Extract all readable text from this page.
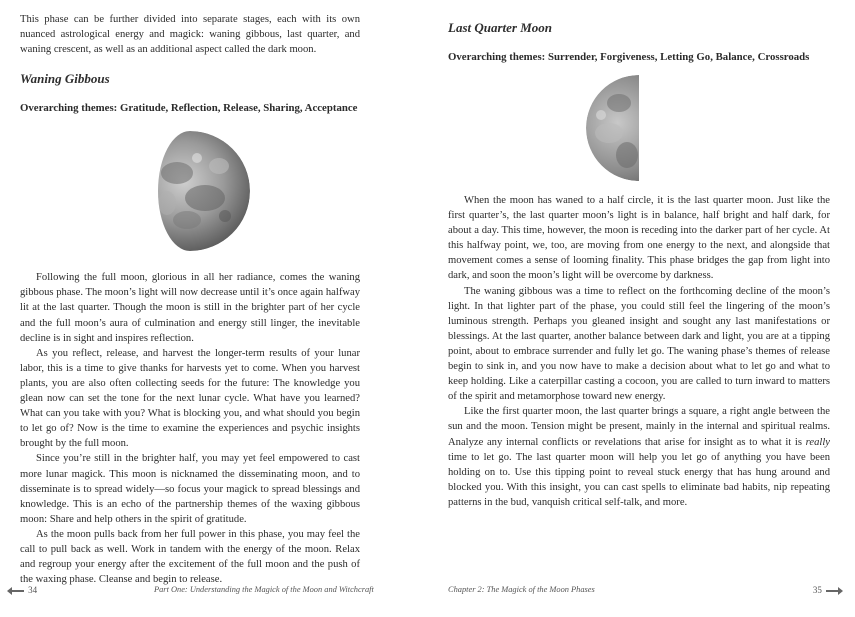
This phase can be further divided into separate stages, each with its own nuanced astrological energy and magick: waning gibbous, last quarter, and waning crescent, as well as an additional aspect called the dark moon.

Waning Gibbous

Overarching themes: Gratitude, Reflection, Release, Sharing, Acceptance

Following the full moon, glorious in all her radiance, comes the waning gibbous phase. The moon’s light will now decrease until it’s once again halfway lit at the last quarter. Though the moon is still in the brighter part of her cycle and the full moon’s aura of culmination and energy still linger, the inevitable decline is in sight and inspires reflection.

As you reflect, release, and harvest the longer-term results of your lunar labor, this is a time to give thanks for harvests yet to come. When you harvest plants, you are also often collecting seeds for the future: The knowledge you glean now can set the tone for the next lunar cycle. What have you learned? What can you take with you? What is blocking you, and what should you begin to let go of? Now is the time to examine the experiences and psychic insights brought by the full moon.

Since you’re still in the brighter half, you may yet feel empowered to cast more lunar magick. This moon is nicknamed the disseminating moon, and to disseminate is to spread widely—so focus your magick to spread blessings and knowledge. This is an echo of the partnership themes of the waxing gibbous moon: Share and help others in the spirit of gratitude.

As the moon pulls back from her full power in this phase, you may feel the call to pull back as well. Work in tandem with the energy of the moon. Relax and regroup your energy after the excitement of the full moon and the push of the waxing phase. Cleanse and begin to release.

34	Part One: Understanding the Magick of the Moon and Witchcraft
Last Quarter Moon

Overarching themes: Surrender, Forgiveness, Letting Go, Balance, Crossroads

When the moon has waned to a half circle, it is the last quarter moon. Just like the first quarter’s, the last quarter moon’s light is in balance, half bright and half dark, for about a day. This time, however, the moon is receding into the darker part of her cycle. At this halfway point, we, too, are moving from one energy to the next, and alongside that movement comes a sense of looming finality. This phase bridges the gap from light into dark, and soon the moon’s light will be overcome by darkness.

The waning gibbous was a time to reflect on the forthcoming decline of the moon’s light. In that lighter part of the phase, you could still feel the lingering of the moon’s luminous strength. Perhaps you gleaned insight and sought any last manifestations or blessings. At the last quarter, another balance between dark and light, you are at a tipping point, about to embrace surrender and fully let go. The waning phase’s themes of release begin to sink in, and you now have to make a decision about what to let go and what to keep holding. Like a caterpillar casting a cocoon, you are called to turn inward to matters of the spirit and metamorphose toward new energy.

Like the first quarter moon, the last quarter brings a square, a right angle between the sun and the moon. Tension might be present, mainly in the internal and spiritual realms. Analyze any internal conflicts or revelations that arise for insight as to what it is really time to let go. The last quarter moon will help you let go of anything you have been holding on to. Use this tipping point to reveal stuck energy that has hung around and blocked you. With this insight, you can cast spells to eliminate bad habits, nip repeating patterns in the bud, vanquish critical self-talk, and more.

Chapter 2: The Magick of the Moon Phases	35
